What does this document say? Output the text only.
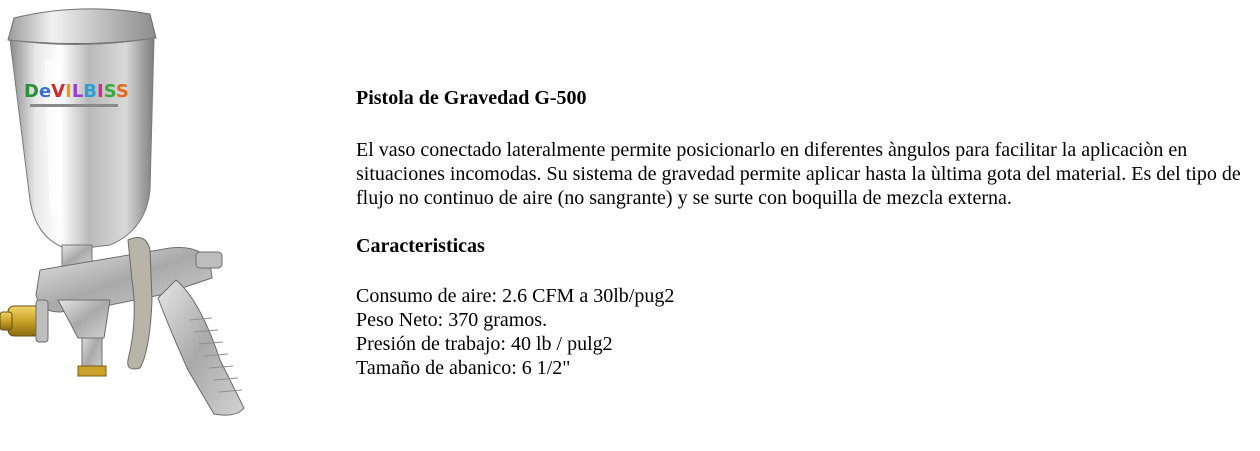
DeVILBISS	Pistola de Gravedad G-500

El vaso conectado lateralmente permite posicionarlo en diferentes àngulos para facilitar la aplicaciòn en situaciones incomodas. Su sistema de gravedad permite aplicar hasta la ùltima gota del material. Es del tipo de flujo no continuo de aire (no sangrante) y se surte con boquilla de mezcla externa.

Caracteristicas
Consumo de aire: 2.6 CFM a 30lb/pug2
Peso Neto: 370 gramos.
Presión de trabajo: 40 lb / pulg2
Tamaño de abanico: 6 1/2"
